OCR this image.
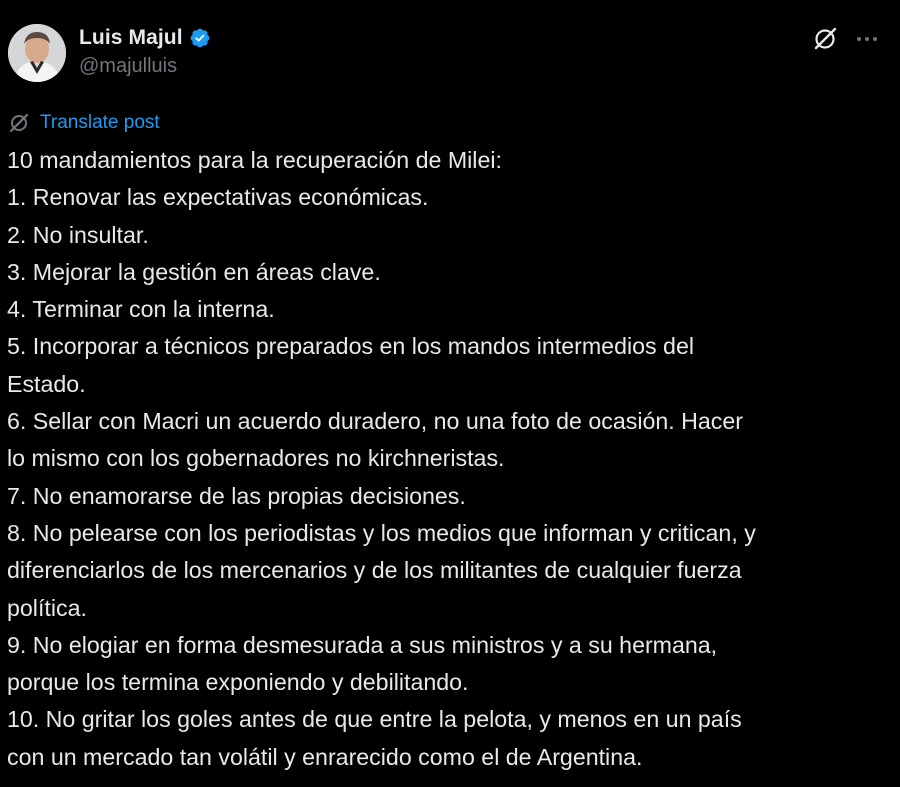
Luis Majul
@majulluis
Translate post
10 mandamientos para la recuperación de Milei:
1. Renovar las expectativas económicas.
2. No insultar.
3. Mejorar la gestión en áreas clave.
4. Terminar con la interna.
5. Incorporar a técnicos preparados en los mandos intermedios del
Estado.
6. Sellar con Macri un acuerdo duradero, no una foto de ocasión. Hacer
lo mismo con los gobernadores no kirchneristas.
7. No enamorarse de las propias decisiones.
8. No pelearse con los periodistas y los medios que informan y critican, y
diferenciarlos de los mercenarios y de los militantes de cualquier fuerza
política.
9. No elogiar en forma desmesurada a sus ministros y a su hermana,
porque los termina exponiendo y debilitando.
10. No gritar los goles antes de que entre la pelota, y menos en un país
con un mercado tan volátil y enrarecido como el de Argentina.
